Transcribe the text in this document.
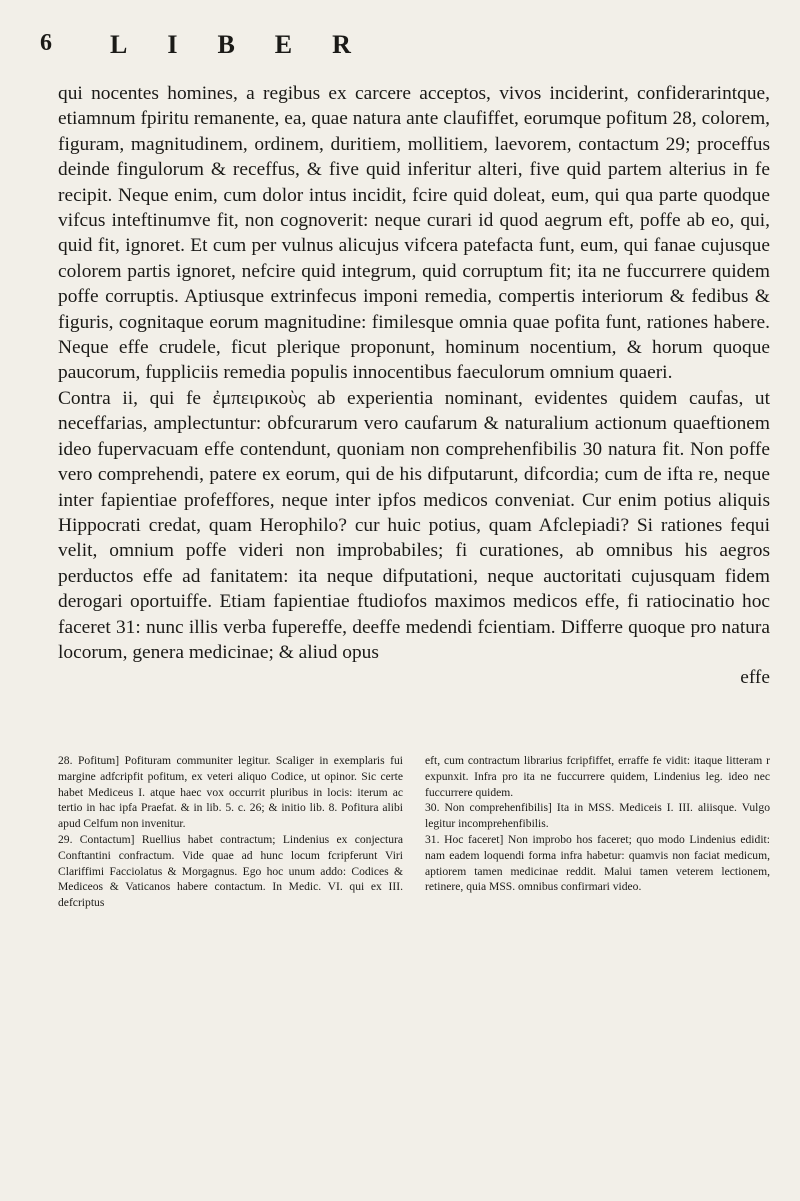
6 LIBER

qui nocentes homines, a regibus ex carcere acceptos, vivos inciderint, confiderarintque, etiamnum fpiritu remanente, ea, quae natura ante claufiffet, eorumque pofitum 28, colorem, figuram, magnitudinem, ordinem, duritiem, mollitiem, laevorem, contactum 29; proceffus deinde fingulorum & receffus, & five quid inferitur alteri, five quid partem alterius in fe recipit. Neque enim, cum dolor intus incidit, fcire quid doleat, eum, qui qua parte quodque vifcus inteftinumve fit, non cognoverit: neque curari id quod aegrum eft, poffe ab eo, qui, quid fit, ignoret. Et cum per vulnus alicujus vifcera patefacta funt, eum, qui fanae cujusque colorem partis ignoret, nefcire quid integrum, quid corruptum fit; ita ne fuccurrere quidem poffe corruptis. Aptiusque extrinfecus imponi remedia, compertis interiorum & fedibus & figuris, cognitaque eorum magnitudine: fimilesque omnia quae pofita funt, rationes habere. Neque effe crudele, ficut plerique proponunt, hominum nocentium, & horum quoque paucorum, fuppliciis remedia populis innocentibus faeculorum omnium quaeri.

Contra ii, qui fe ἐμπειρικοὺς ab experientia nominant, evidentes quidem caufas, ut neceffarias, amplectuntur: obfcurarum vero caufarum & naturalium actionum quaeftionem ideo fupervacuam effe contendunt, quoniam non comprehenfibilis 30 natura fit. Non poffe vero comprehendi, patere ex eorum, qui de his difputarunt, difcordia; cum de ifta re, neque inter fapientiae profeffores, neque inter ipfos medicos conveniat. Cur enim potius aliquis Hippocrati credat, quam Herophilo? cur huic potius, quam Afclepiadi? Si rationes fequi velit, omnium poffe videri non improbabiles; fi curationes, ab omnibus his aegros perductos effe ad fanitatem: ita neque difputationi, neque auctoritati cujusquam fidem derogari oportuiffe. Etiam fapientiae ftudiofos maximos medicos effe, fi ratiocinatio hoc faceret 31: nunc illis verba fupereffe, deeffe medendi fcientiam. Differre quoque pro natura locorum, genera medicinae; & aliud opus

effe

28. Pofitum] Pofituram communiter legitur. Scaliger in exemplaris fui margine adfcripfit pofitum, ex veteri aliquo Codice, ut opinor. Sic certe habet Mediceus I. atque haec vox occurrit pluribus in locis: iterum ac tertio in hac ipfa Praefat. & in lib. 5. c. 26; & initio lib. 8. Pofitura alibi apud Celfum non invenitur.

29. Contactum] Ruellius habet contractum; Lindenius ex conjectura Conftantini confractum. Vide quae ad hunc locum fcripferunt Viri Clariffimi Facciolatus & Morgagnus. Ego hoc unum addo: Codices & Mediceos & Vaticanos habere contactum. In Medic. VI. qui ex III. defcriptus

eft, cum contractum librarius fcripfiffet, erraffe fe vidit: itaque litteram r expunxit. Infra pro ita ne fuccurrere quidem, Lindenius leg. ideo nec fuccurrere quidem.

30. Non comprehenfibilis] Ita in MSS. Mediceis I. III. aliisque. Vulgo legitur incomprehenfibilis.

31. Hoc faceret] Non improbo hos faceret; quo modo Lindenius edidit: nam eadem loquendi forma infra habetur: quamvis non faciat medicum, aptiorem tamen medicinae reddit. Malui tamen veterem lectionem, retinere, quia MSS. omnibus confirmari video.
